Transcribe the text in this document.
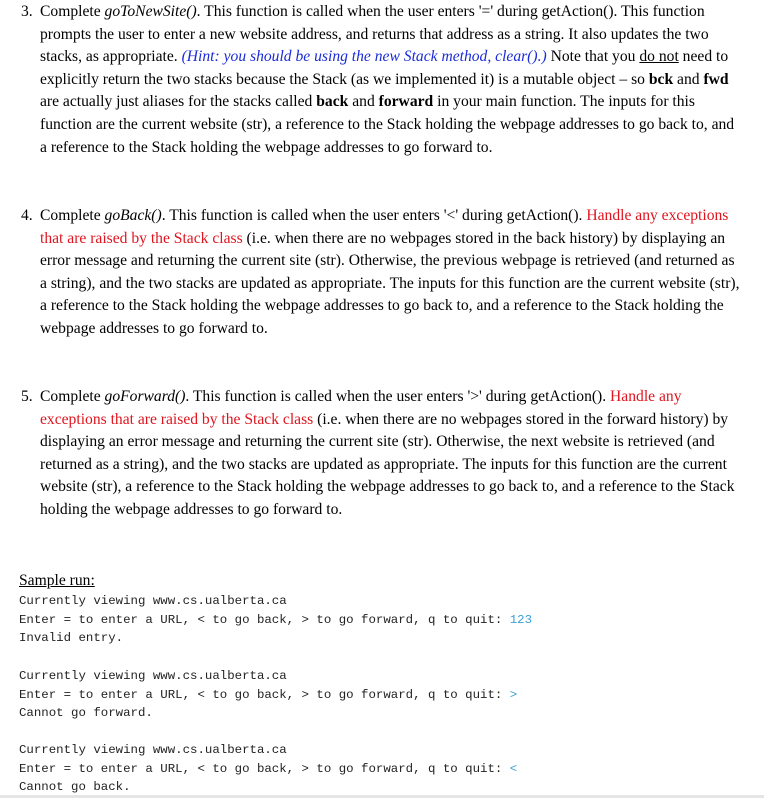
3. Complete goToNewSite(). This function is called when the user enters '=' during getAction(). This function prompts the user to enter a new website address, and returns that address as a string. It also updates the two stacks, as appropriate. (Hint: you should be using the new Stack method, clear().) Note that you do not need to explicitly return the two stacks because the Stack (as we implemented it) is a mutable object – so bck and fwd are actually just aliases for the stacks called back and forward in your main function. The inputs for this function are the current website (str), a reference to the Stack holding the webpage addresses to go back to, and a reference to the Stack holding the webpage addresses to go forward to.

4. Complete goBack(). This function is called when the user enters '<' during getAction(). Handle any exceptions that are raised by the Stack class (i.e. when there are no webpages stored in the back history) by displaying an error message and returning the current site (str). Otherwise, the previous webpage is retrieved (and returned as a string), and the two stacks are updated as appropriate. The inputs for this function are the current website (str), a reference to the Stack holding the webpage addresses to go back to, and a reference to the Stack holding the webpage addresses to go forward to.

5. Complete goForward(). This function is called when the user enters '>' during getAction(). Handle any exceptions that are raised by the Stack class (i.e. when there are no webpages stored in the forward history) by displaying an error message and returning the current site (str). Otherwise, the next website is retrieved (and returned as a string), and the two stacks are updated as appropriate. The inputs for this function are the current website (str), a reference to the Stack holding the webpage addresses to go back to, and a reference to the Stack holding the webpage addresses to go forward to.

Sample run:
Currently viewing www.cs.ualberta.ca
Enter = to enter a URL, < to go back, > to go forward, q to quit: 123
Invalid entry.
Currently viewing www.cs.ualberta.ca
Enter = to enter a URL, < to go back, > to go forward, q to quit: >
Cannot go forward.
Currently viewing www.cs.ualberta.ca
Enter = to enter a URL, < to go back, > to go forward, q to quit: <
Cannot go back.
